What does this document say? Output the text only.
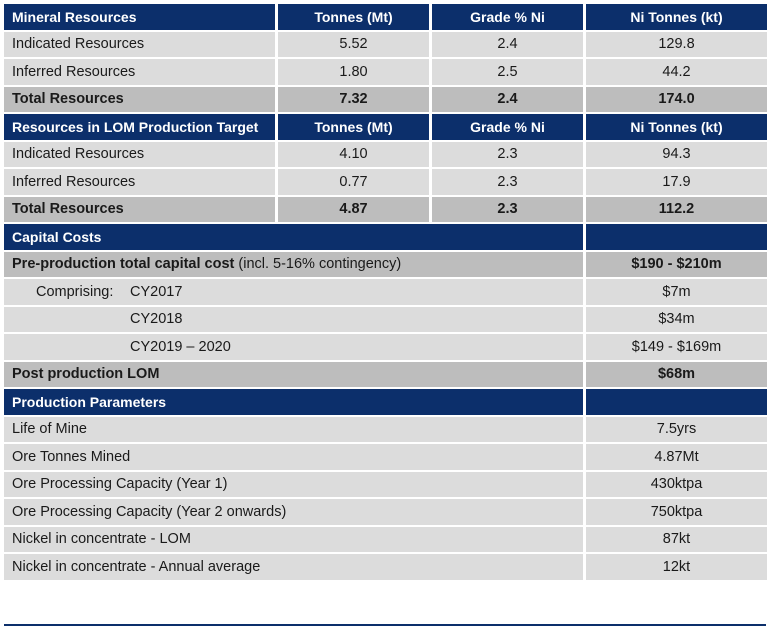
Mineral Resources	Tonnes (Mt)	Grade % Ni	Ni Tonnes (kt)
Indicated Resources	5.52	2.4	129.8
Inferred Resources	1.80	2.5	44.2
Total Resources	7.32	2.4	174.0
Resources in LOM Production Target	Tonnes (Mt)	Grade % Ni	Ni Tonnes (kt)
Indicated Resources	4.10	2.3	94.3
Inferred Resources	0.77	2.3	17.9
Total Resources	4.87	2.3	112.2
Capital Costs			
Pre-production total capital cost (incl. 5-16% contingency)			$190 - $210m
Comprising: CY2017			$7m
CY2018			$34m
CY2019 – 2020			$149 - $169m
Post production LOM			$68m
Production Parameters			
Life of Mine			7.5yrs
Ore Tonnes Mined			4.87Mt
Ore Processing Capacity (Year 1)			430ktpa
Ore Processing Capacity (Year 2 onwards)			750ktpa
Nickel in concentrate - LOM			87kt
Nickel in concentrate - Annual average			12kt
